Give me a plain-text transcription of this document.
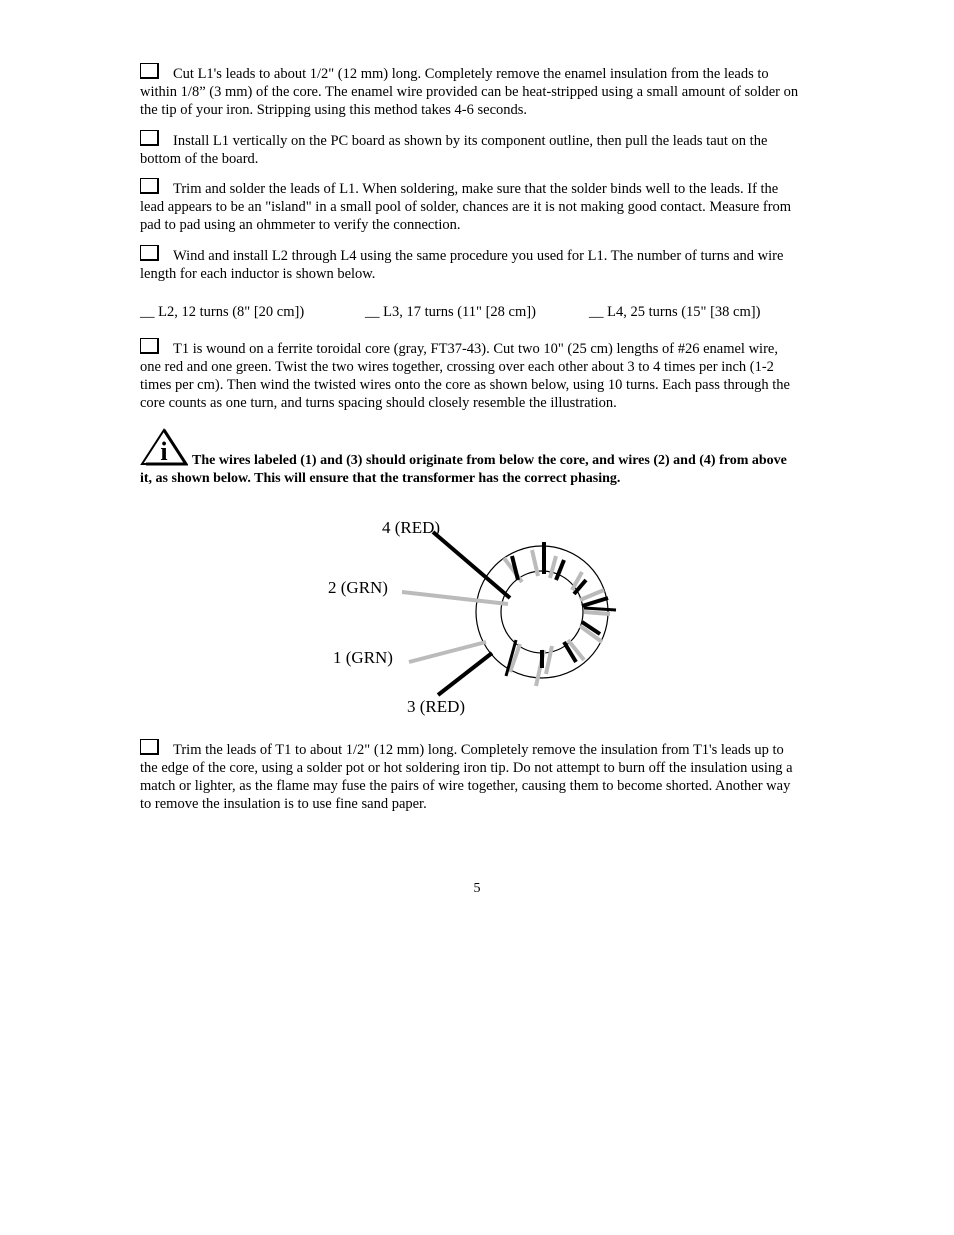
Cut L1's leads to about 1/2" (12 mm) long. Completely remove the enamel insulation from the leads to within 1/8” (3 mm) of the core. The enamel wire provided can be heat-stripped using a small amount of solder on the tip of your iron. Stripping using this method takes 4-6 seconds.

Install L1 vertically on the PC board as shown by its component outline, then pull the leads taut on the bottom of the board.

Trim and solder the leads of L1. When soldering, make sure that the solder binds well to the leads. If the lead appears to be an "island" in a small pool of solder, chances are it is not making good contact. Measure from pad to pad using an ohmmeter to verify the connection.

Wind and install L2 through L4 using the same procedure you used for L1. The number of turns and wire length for each inductor is shown below.

__ L2, 12 turns (8" [20 cm])	__ L3, 17 turns (11" [28 cm])	__ L4, 25 turns (15" [38 cm])

T1 is wound on a ferrite toroidal core (gray, FT37-43). Cut two 10" (25 cm) lengths of #26 enamel wire, one red and one green. Twist the two wires together, crossing over each other about 3 to 4 times per inch (1-2 times per cm). Then wind the twisted wires onto the core as shown below, using 10 turns. Each pass through the core counts as one turn, and turns spacing should closely resemble the illustration.

i The wires labeled (1) and (3) should originate from below the core, and wires (2) and (4) from above it, as shown below. This will ensure that the transformer has the correct phasing.

4 (RED)
2 (GRN)
1 (GRN)
3 (RED)

Trim the leads of T1 to about 1/2" (12 mm) long. Completely remove the insulation from T1's leads up to the edge of the core, using a solder pot or hot soldering iron tip. Do not attempt to burn off the insulation using a match or lighter, as the flame may fuse the pairs of wire together, causing them to become shorted. Another way to remove the insulation is to use fine sand paper.

5
